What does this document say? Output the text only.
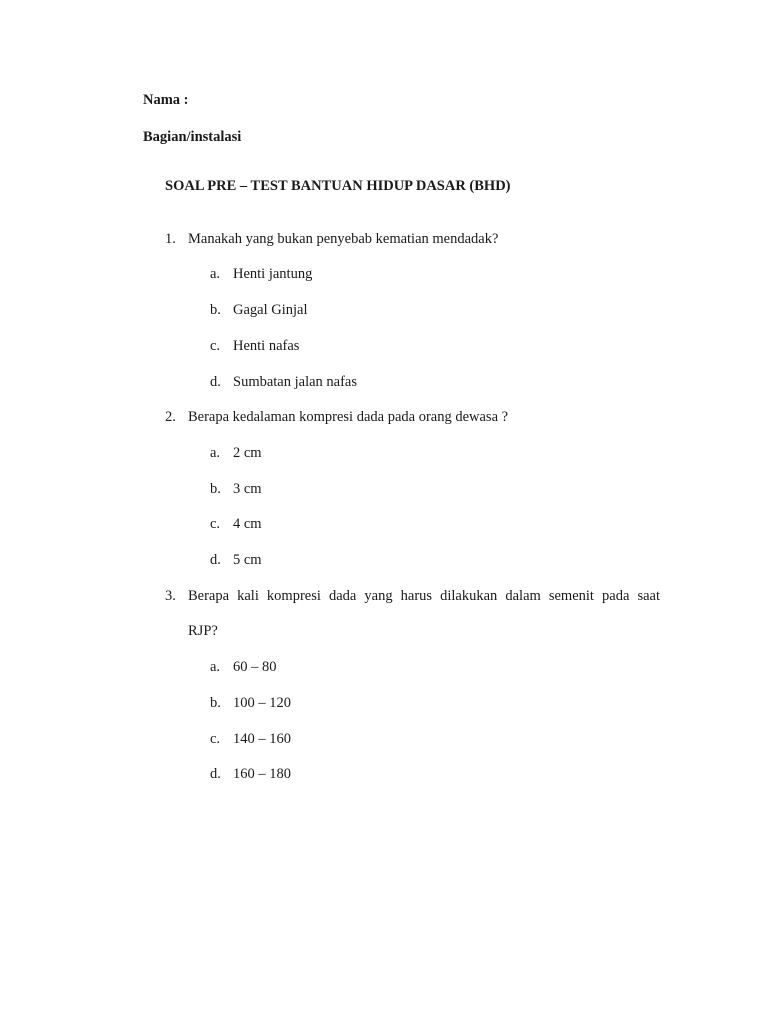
Nama :
Bagian/instalasi
SOAL PRE – TEST BANTUAN HIDUP DASAR (BHD)
1. Manakah yang bukan penyebab kematian mendadak?
a. Henti jantung
b. Gagal Ginjal
c. Henti nafas
d. Sumbatan jalan nafas
2. Berapa kedalaman kompresi dada pada orang dewasa ?
a. 2 cm
b. 3 cm
c. 4 cm
d. 5 cm
3. Berapa kali kompresi dada yang harus dilakukan dalam semenit pada saat
RJP?
a. 60 – 80
b. 100 – 120
c. 140 – 160
d. 160 – 180
